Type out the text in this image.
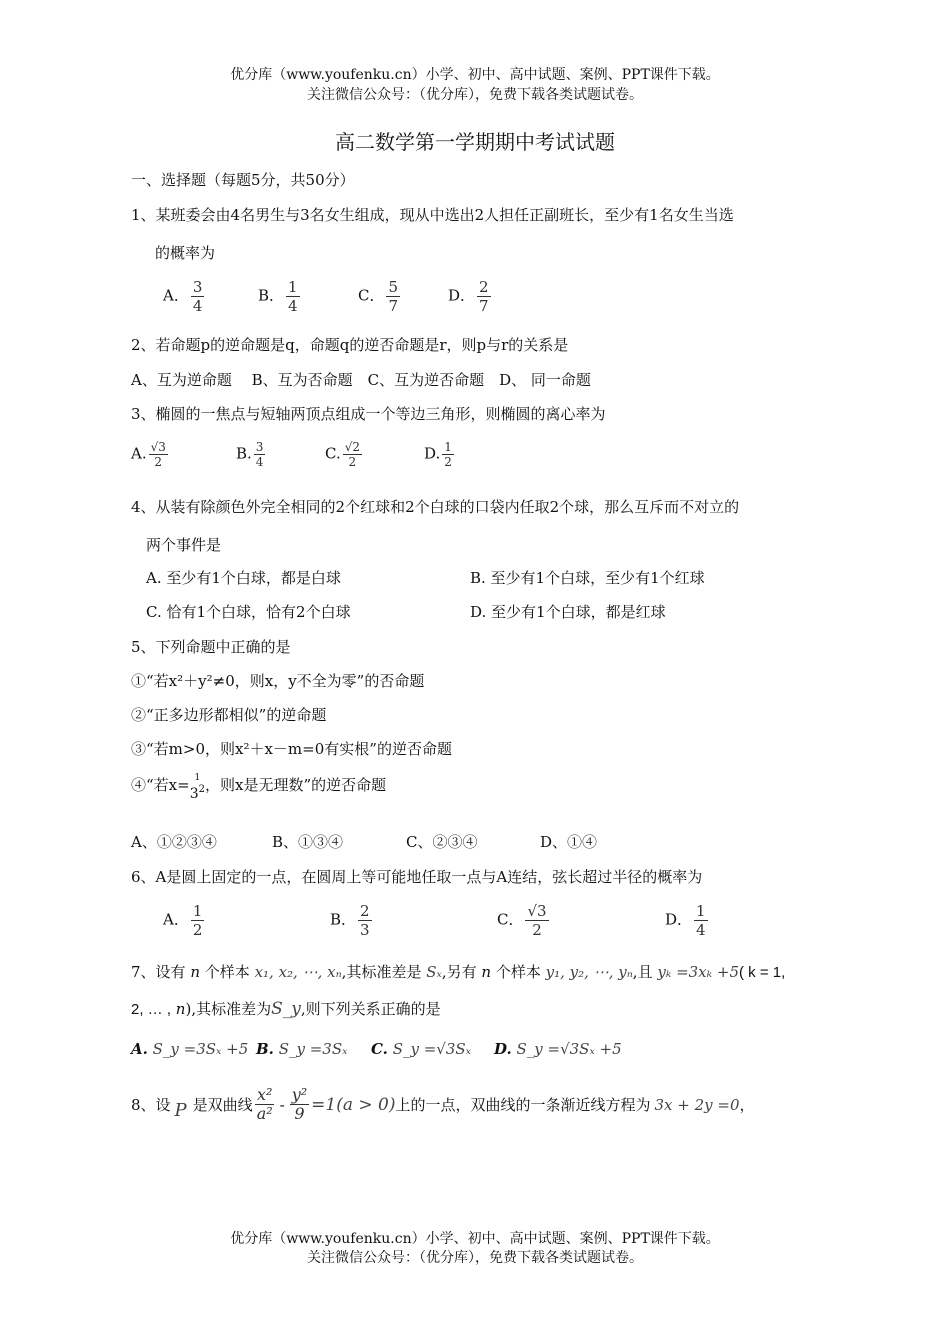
优分库（www.youfenku.cn）小学、初中、高中试题、案例、PPT课件下载。
关注微信公众号：（优分库），免费下载各类试题试卷。
高二数学第一学期期中考试试题
一、选择题（每题5分，共50分）
1、某班委会由4名男生与3名女生组成，现从中选出2人担任正副班长，至少有1名女生当选
的概率为
A． $\frac{3}{4}$	B． $\frac{1}{4}$	C． $\frac{5}{7}$	D． $\frac{2}{7}$
2、若命题p的逆命题是q，命题q的逆否命题是r，则p与r的关系是
A、互为逆命题　 B、互为否命题　C、互为逆否命题　D、 同一命题
3、椭圆的一焦点与短轴两顶点组成一个等边三角形，则椭圆的离心率为
A. $\frac{√3}{2}$	B. $\frac{3}{4}$	C. $\frac{√2}{2}$	D. $\frac{1}{2}$
4、从装有除颜色外完全相同的2个红球和2个白球的口袋内任取2个球，那么互斥而不对立的
两个事件是
A. 至少有1个白球，都是白球	B. 至少有1个白球，至少有1个红球
C. 恰有1个白球，恰有2个白球	D. 至少有1个白球，都是红球
5、下列命题中正确的是
①“若x²＋y²≠0，则x，y不全为零”的否命题
②“正多边形都相似”的逆命题
③“若m>0，则x²＋x－m=0有实根”的逆否命题
④“若x= 1
$3^2$ ，则x是无理数”的逆否命题
A、①②③④	B、①③④	C、②③④	D、①④
6、A是圆上固定的一点，在圆周上等可能地任取一点与A连结，弦长超过半径的概率为
A． $\frac{1}{2}$	B． $\frac{2}{3}$	C． $\frac{√3}{2}$	D． $\frac{1}{4}$
7、设有 n 个样本 x₁, x₂, ⋯, xₙ,其标准差是 Sₓ,另有 n 个样本 y₁, y₂, ⋯, yₙ,且 yₖ =3xₖ +5( k = 1,
2, … , n),其标准差为S_y,则下列关系正确的是
A. S_y =3Sₓ +5 B. S_y =3Sₓ C. S_y =√3Sₓ D. S_y =√3Sₓ +5
8、设 P 是双曲线 $\frac{\text{x²}}{\text{a²}} - \frac{\text{y²}}{9} =1(a > 0)$ 上的一点，双曲线的一条渐近线方程为 3x + 2y =0 ，
优分库（www.youfenku.cn）小学、初中、高中试题、案例、PPT课件下载。
关注微信公众号：（优分库），免费下载各类试题试卷。
